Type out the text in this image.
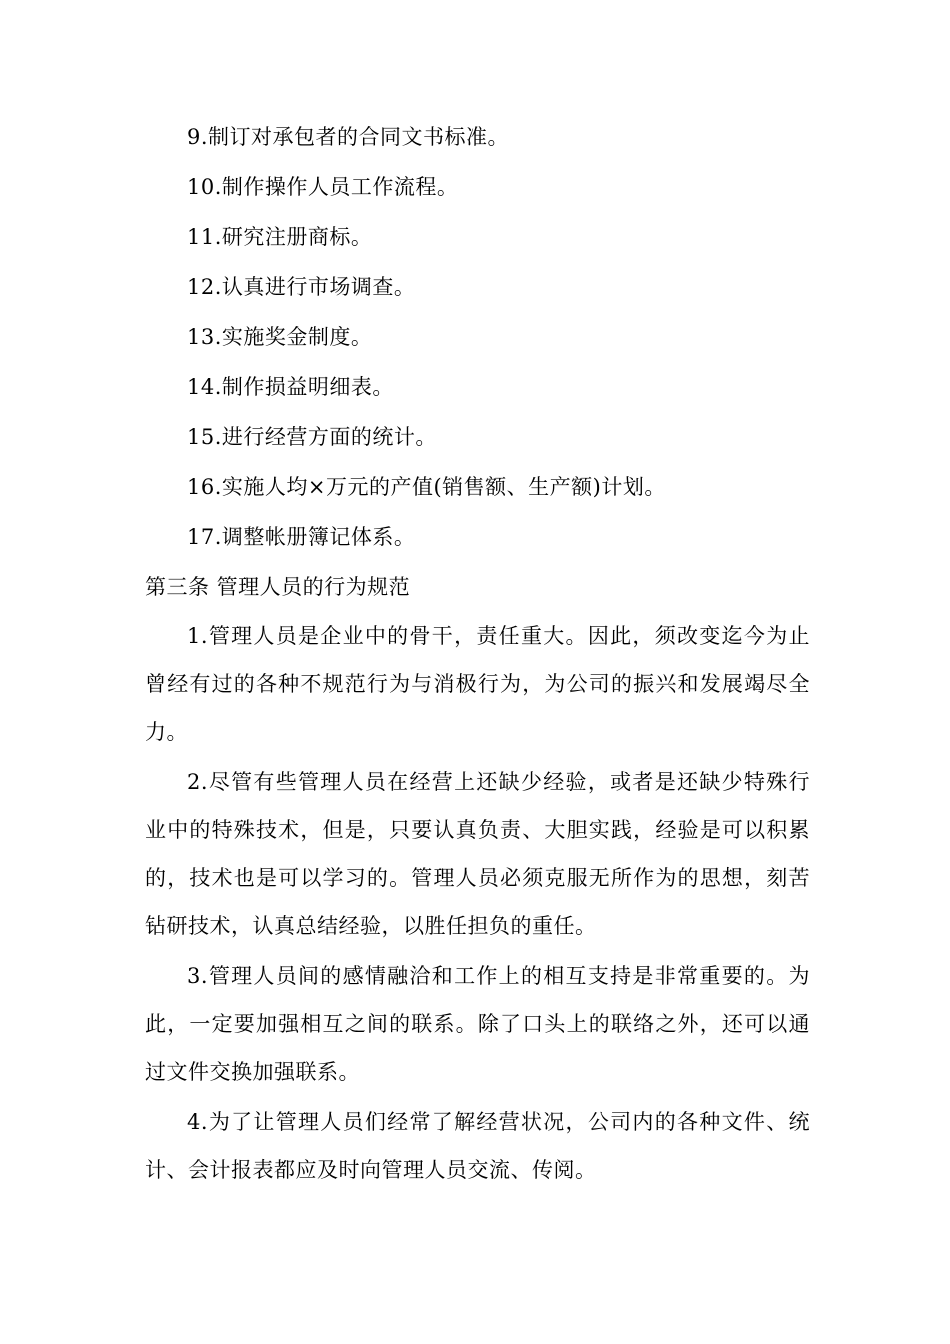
9.制订对承包者的合同文书标准。
10.制作操作人员工作流程。
11.研究注册商标。
12.认真进行市场调查。
13.实施奖金制度。
14.制作损益明细表。
15.进行经营方面的统计。
16.实施人均×万元的产值(销售额、生产额)计划。
17.调整帐册簿记体系。
第三条 管理人员的行为规范

1.管理人员是企业中的骨干，责任重大。因此，须改变迄今为止曾经有过的各种不规范行为与消极行为，为公司的振兴和发展竭尽全力。

2.尽管有些管理人员在经营上还缺少经验，或者是还缺少特殊行业中的特殊技术，但是，只要认真负责、大胆实践，经验是可以积累的，技术也是可以学习的。管理人员必须克服无所作为的思想，刻苦钻研技术，认真总结经验，以胜任担负的重任。

3.管理人员间的感情融洽和工作上的相互支持是非常重要的。为此，一定要加强相互之间的联系。除了口头上的联络之外，还可以通过文件交换加强联系。

4.为了让管理人员们经常了解经营状况，公司内的各种文件、统计、会计报表都应及时向管理人员交流、传阅。
